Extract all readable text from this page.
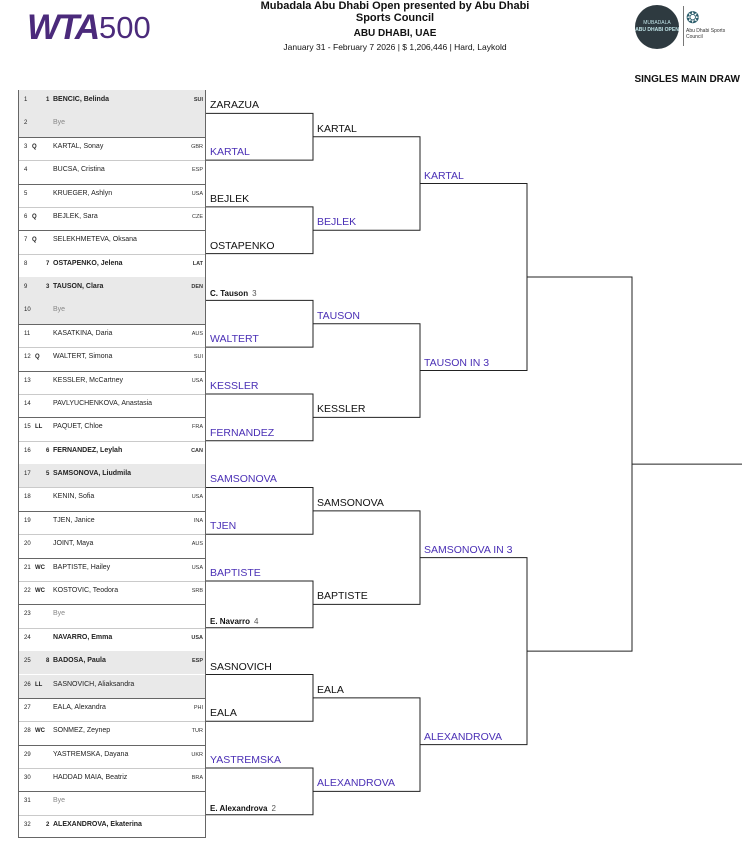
WTA 500
Mubadala Abu Dhabi Open presented by Abu Dhabi Sports Council
ABU DHABI, UAE
January 31 - February 7 2026 | $ 1,206,446 | Hard, Laykold
MUBADALA
ABU DHABI OPEN
❂
Abu Dhabi Sports Council
SINGLES MAIN DRAW
1	1 BENCIC, Belinda	SUI
2	Bye
3 Q KARTAL, Sonay	GBR
4	BUCSA, Cristina	ESP
5	KRUEGER, Ashlyn	USA
6 Q BEJLEK, Sara	CZE
7 Q SELEKHMETEVA, Oksana
8	7 OSTAPENKO, Jelena	LAT
9	3 TAUSON, Clara	DEN
10	Bye
11	KASATKINA, Daria	AUS
12 Q WALTERT, Simona	SUI
13	KESSLER, McCartney	USA
14	PAVLYUCHENKOVA, Anastasia
15 LL PAQUET, Chloe	FRA
16	6 FERNANDEZ, Leylah	CAN
17	5 SAMSONOVA, Liudmila
18	KENIN, Sofia	USA
19	TJEN, Janice	INA
20	JOINT, Maya	AUS
21 WC BAPTISTE, Hailey	USA
22 WC KOSTOVIC, Teodora	SRB
23	Bye
24	NAVARRO, Emma	USA
25	8 BADOSA, Paula	ESP
26 LL SASNOVICH, Aliaksandra
27	EALA, Alexandra	PHI
28 WC SONMEZ, Zeynep	TUR
29	YASTREMSKA, Dayana	UKR
30	HADDAD MAIA, Beatriz	BRA
31	Bye
32	2 ALEXANDROVA, Ekaterina
ZARAZUA
KARTAL
BEJLEK
OSTAPENKO
C. Tauson 3
WALTERT
KESSLER
FERNANDEZ
SAMSONOVA
TJEN
BAPTISTE
E. Navarro 4
SASNOVICH
EALA
YASTREMSKA
E. Alexandrova 2
KARTAL
BEJLEK
TAUSON
KESSLER
SAMSONOVA
BAPTISTE
EALA
ALEXANDROVA
KARTAL
TAUSON IN 3
SAMSONOVA IN 3
ALEXANDROVA
